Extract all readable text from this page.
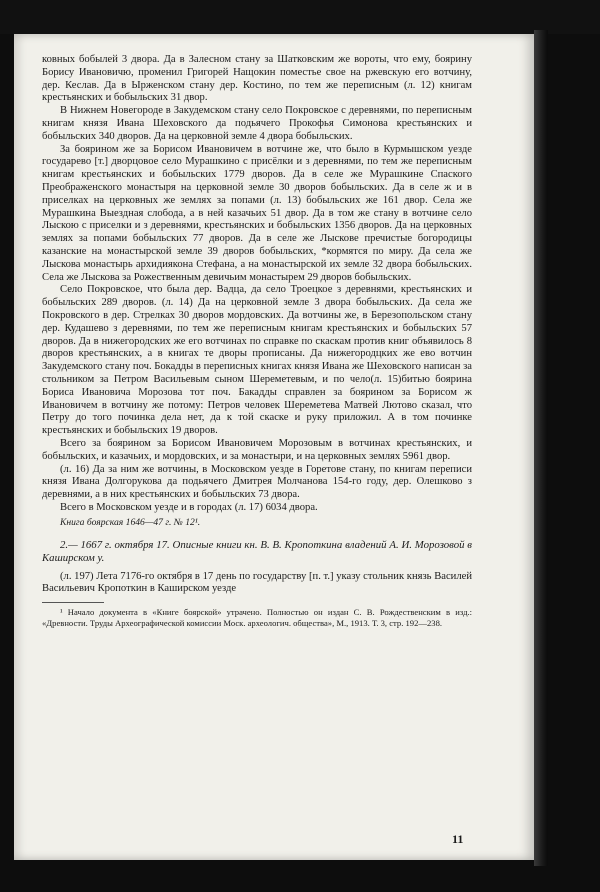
ковных бобылей 3 двора. Да в Залесном стану за Шатковским же вороты, что ему, боярину Борису Ивановичю, променил Григорей Нащокин поместье свое на ржевскую его вотчину, дер. Кеслав. Да в Ырженском стану дер. Костино, по тем же переписным (л. 12) книгам крестьянских и бобыльских 31 двор.

В Нижнем Новегороде в Закудемском стану село Покровское с деревнями, по переписным книгам князя Ивана Шеховского да подьячего Прокофья Симонова крестьянских и бобыльских 340 дворов. Да на церковной земле 4 двора бобыльских.

За боярином же за Борисом Ивановичем в вотчине же, что было в Курмышском уезде государево [т.] дворцовое село Мурашкино с присёлки и з деревнями, по тем же переписным книгам крестьянских и бобыльских 1779 дворов. Да в селе же Мурашкине Спаского Преображенского монастыря на церковной земле 30 дворов бобыльских. Да в селе ж и в приселках на церковных же землях за попами (л. 13) бобыльских же 161 двор. Села же Мурашкина Выездная слобода, а в ней казачьих 51 двор. Да в том же стану в вотчине село Лыскою с приселки и з деревнями, крестьянских и бобыльских 1356 дворов. Да на церковных землях за попами бобыльских 77 дворов. Да в селе же Лыскове пречистые богородицы казанские на монастырской земле 39 дворов бобыльских, *кормятся по миру. Да села же Лыскова монастырь архидиякона Стефана, а на монастырской их земле 32 двора бобыльских. Села же Лыскова за Рожественным девичьим монастырем 29 дворов бобыльских.

Село Покровское, что была дер. Вадца, да село Троецкое з деревнями, крестьянских и бобыльских 289 дворов. (л. 14) Да на церковной земле 3 двора бобыльских. Да села же Покровского в дер. Стрелках 30 дворов мордовских. Да вотчины же, в Березопольском стану дер. Кудашево з деревнями, по тем же переписным книгам крестьянских и бобыльских 57 дворов. Да в нижегородских же его вотчинах по справке по скаскам против книг объявилось 8 дворов крестьянских, а в книгах те дворы прописаны. Да нижегородцких же ево вотчин Закудемского стану поч. Бокадды в переписных книгах князя Ивана же Шеховского написан за стольником за Петром Васильевым сыном Шереметевым, и по чело(л. 15)битью боярина Бориса Ивановича Морозова тот поч. Бакадды справлен за боярином за Борисом ж Ивановичем в вотчину же потому: Петров человек Шереметева Матвей Лютово сказал, что Петру до того починка дела нет, да к той скаске и руку приложил. А в том починке крестьянских и бобыльских 19 дворов.

Всего за боярином за Борисом Ивановичем Морозовым в вотчинах крестьянских, и бобыльских, и казачьих, и мордовских, и за монастыри, и на церковных землях 5961 двор.

(л. 16) Да за ним же вотчины, в Московском уезде в Горетове стану, по книгам переписи князя Ивана Долгорукова да подьячего Дмитрея Молчанова 154-го году, дер. Олешково з деревнями, а в них крестьянских и бобыльских 73 двора.

Всего в Московском уезде и в городах (л. 17) 6034 двора.

Книга боярская 1646—47 г. № 12¹.

2.— 1667 г. октября 17. Описные книги кн. В. В. Кропоткина владений А. И. Морозовой в Каширском у.

(л. 197) Лета 7176-го октября в 17 день по государству [п. т.] указу стольник князь Василей Васильевич Кропоткин в Каширском уезде

¹ Начало документа в «Книге боярской» утрачено. Полностью он издан С. В. Рождественским в изд.: «Древности. Труды Археографической комиссии Моск. археологич. общества», М., 1913. Т. 3, стр. 192—238.

11
